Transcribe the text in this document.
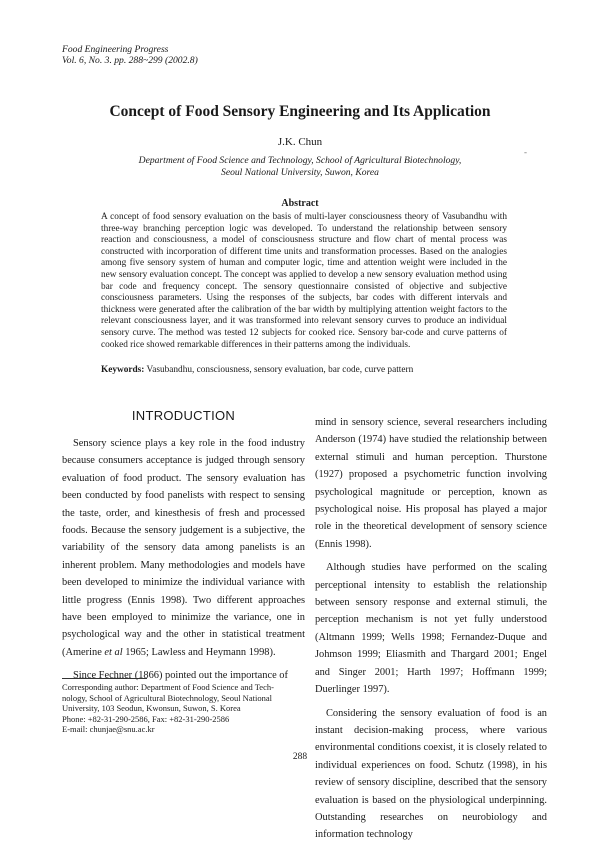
Food Engineering Progress
Vol. 6, No. 3. pp. 288~299 (2002.8)
Concept of Food Sensory Engineering and Its Application
J.K. Chun
Department of Food Science and Technology, School of Agricultural Biotechnology,
Seoul National University, Suwon, Korea
-
Abstract
A concept of food sensory evaluation on the basis of multi-layer consciousness theory of Vasubandhu with three-way branching perception logic was developed. To understand the relationship between sensory reaction and consciousness, a model of consciousness structure and flow chart of mental process was constructed with incorporation of different time units and transformation processes. Based on the analogies among five sensory system of human and computer logic, time and attention weight were included in the new sensory evaluation concept. The concept was applied to develop a new sensory evaluation method using bar code and frequency concept. The sensory questionnaire consisted of objective and subjective consciousness parameters. Using the responses of the subjects, bar codes with different intervals and thickness were generated after the calibration of the bar width by multiplying attention weight factors to the relevant consciousness layer, and it was transformed into relevant sensory curves to produce an individual sensory curve. The method was tested 12 subjects for cooked rice. Sensory bar-code and curve patterns of cooked rice showed remarkable differences in their patterns among the individuals.
Keywords: Vasubandhu, consciousness, sensory evaluation, bar code, curve pattern
INTRODUCTION

Sensory science plays a key role in the food industry because consumers acceptance is judged through sensory evaluation of food product. The sensory evaluation has been conducted by food panelists with respect to sensing the taste, order, and kinesthesis of fresh and processed foods. Because the sensory judgement is a subjective, the variability of the sensory data among panelists is an inherent problem. Many methodologies and models have been developed to minimize the individual variance with little progress (Ennis 1998). Two different approaches have been employed to minimize the variance, one in psychological way and the other in statistical treatment (Amerine et al 1965; Lawless and Heymann 1998).

Since Fechner (1866) pointed out the importance of

mind in sensory science, several researchers including Anderson (1974) have studied the relationship between external stimuli and human perception. Thurstone (1927) proposed a psychometric function involving psychological magnitude or perception, known as psychological noise. His proposal has played a major role in the theoretical development of sensory science (Ennis 1998).

Although studies have performed on the scaling perceptional intensity to establish the relationship between sensory response and external stimuli, the perception mechanism is not yet fully understood (Altmann 1999; Wells 1998; Fernandez-Duque and Johmson 1999; Eliasmith and Thargard 2001; Engel and Singer 2001; Harth 1997; Hoffmann 1999; Duerlinger 1997).

Considering the sensory evaluation of food is an instant decision-making process, where various environmental conditions coexist, it is closely related to individual experiences on food. Schutz (1998), in his review of sensory discipline, described that the sensory evaluation is based on the physiological underpinning. Outstanding researches on neurobiology and information technology

Corresponding author: Department of Food Science and Tech-
nology, School of Agricultural Biotechnology, Seoul National
University, 103 Seodun, Kwonsun, Suwon, S. Korea
Phone: +82-31-290-2586, Fax: +82-31-290-2586
E-mail: chunjae@snu.ac.kr
288
